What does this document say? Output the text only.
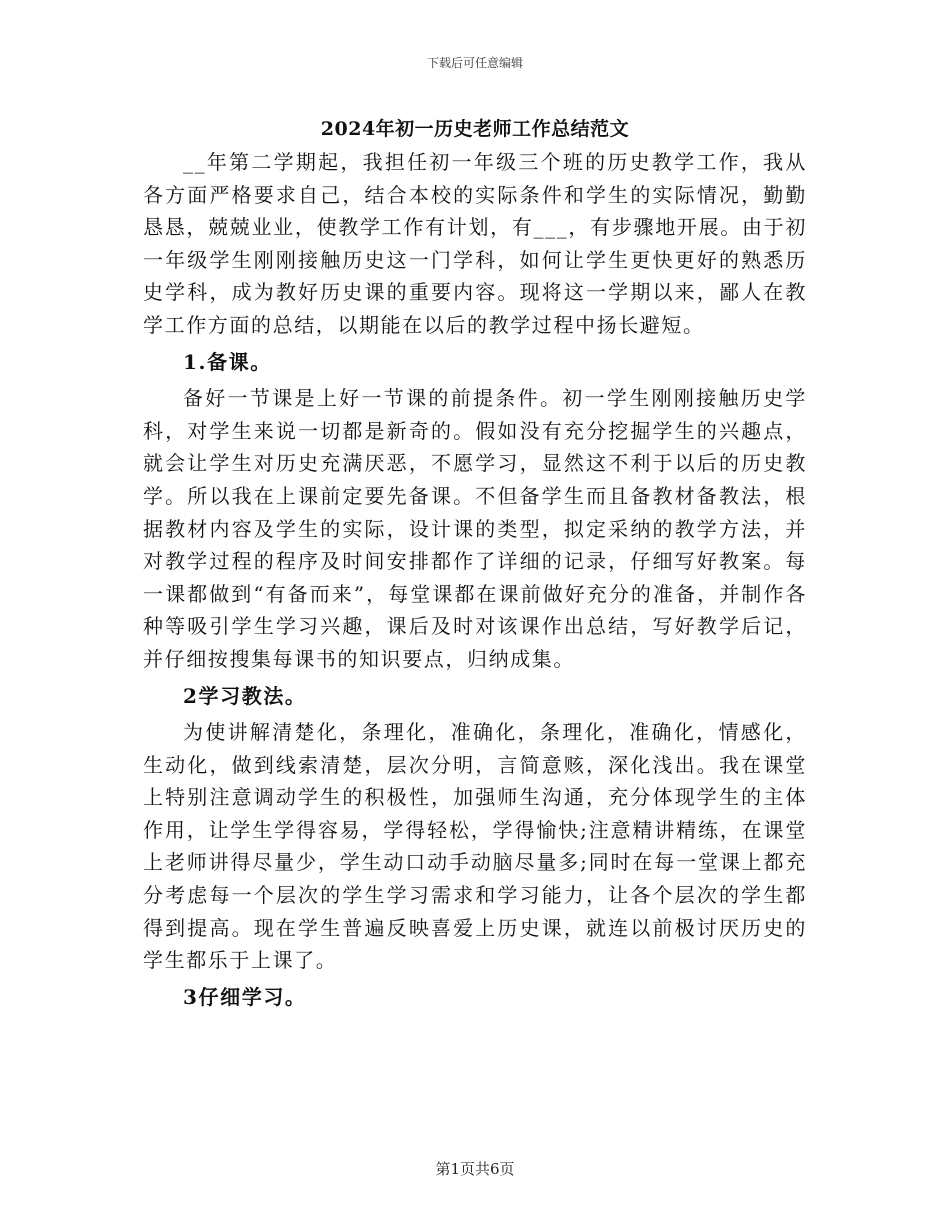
下载后可任意编辑
2024年初一历史老师工作总结范文

__年第二学期起，我担任初一年级三个班的历史教学工作，我从各方面严格要求自己，结合本校的实际条件和学生的实际情况，勤勤恳恳，兢兢业业，使教学工作有计划，有___，有步骤地开展。由于初一年级学生刚刚接触历史这一门学科，如何让学生更快更好的熟悉历史学科，成为教好历史课的重要内容。现将这一学期以来，鄙人在教学工作方面的总结，以期能在以后的教学过程中扬长避短。

1.备课。

备好一节课是上好一节课的前提条件。初一学生刚刚接触历史学科，对学生来说一切都是新奇的。假如没有充分挖掘学生的兴趣点，就会让学生对历史充满厌恶，不愿学习，显然这不利于以后的历史教学。所以我在上课前定要先备课。不但备学生而且备教材备教法，根据教材内容及学生的实际，设计课的类型，拟定采纳的教学方法，并对教学过程的程序及时间安排都作了详细的记录，仔细写好教案。每一课都做到“有备而来”，每堂课都在课前做好充分的准备，并制作各种等吸引学生学习兴趣，课后及时对该课作出总结，写好教学后记，并仔细按搜集每课书的知识要点，归纳成集。

2学习教法。

为使讲解清楚化，条理化，准确化，条理化，准确化，情感化，生动化，做到线索清楚，层次分明，言简意赅，深化浅出。我在课堂上特别注意调动学生的积极性，加强师生沟通，充分体现学生的主体作用，让学生学得容易，学得轻松，学得愉快;注意精讲精练，在课堂上老师讲得尽量少，学生动口动手动脑尽量多;同时在每一堂课上都充分考虑每一个层次的学生学习需求和学习能力，让各个层次的学生都得到提高。现在学生普遍反映喜爱上历史课，就连以前极讨厌历史的学生都乐于上课了。

3仔细学习。

第1页共6页
